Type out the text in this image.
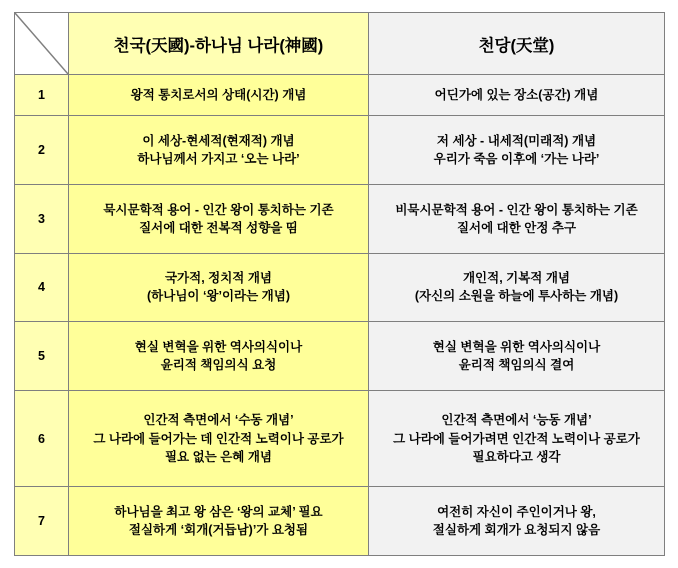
	천국(天國)-하나님 나라(神國)	천당(天堂)
1	왕적 통치로서의 상태(시간) 개념	어딘가에 있는 장소(공간) 개념

2	이 세상-현세적(현재적) 개념
하나님께서 가지고 ‘오는 나라’	저 세상 - 내세적(미래적) 개념
우리가 죽음 이후에 ‘가는 나라’

3	묵시문학적 용어 - 인간 왕이 통치하는 기존
질서에 대한 전복적 성향을 띰	비묵시문학적 용어 - 인간 왕이 통치하는 기존
질서에 대한 안정 추구

4	국가적, 정치적 개념
(하나님이 ‘왕’이라는 개념)	개인적, 기복적 개념
(자신의 소원을 하늘에 투사하는 개념)

5	현실 변혁을 위한 역사의식이나
윤리적 책임의식 요청	현실 변혁을 위한 역사의식이나
윤리적 책임의식 결여

6	인간적 측면에서 ‘수동 개념’
그 나라에 들어가는 데 인간적 노력이나 공로가
필요 없는 은혜 개념	인간적 측면에서 ‘능동 개념’
그 나라에 들어가려면 인간적 노력이나 공로가
필요하다고 생각

7	하나님을 최고 왕 삼은 ‘왕의 교체’ 필요
절실하게 ‘회개(거듭남)’가 요청됨	여전히 자신이 주인이거나 왕,
절실하게 회개가 요청되지 않음
